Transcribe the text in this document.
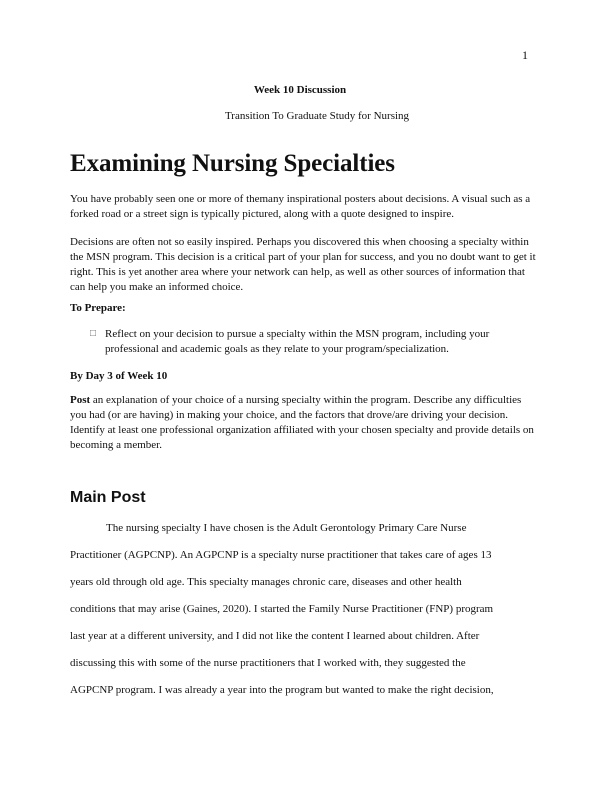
1
Week 10 Discussion
Transition To Graduate Study for Nursing
Examining Nursing Specialties

You have probably seen one or more of themany inspirational posters about decisions. A visual such as a forked road or a street sign is typically pictured, along with a quote designed to inspire.

Decisions are often not so easily inspired. Perhaps you discovered this when choosing a specialty within the MSN program. This decision is a critical part of your plan for success, and you no doubt want to get it right. This is yet another area where your network can help, as well as other sources of information that can help you make an informed choice.

To Prepare:

□ Reflect on your decision to pursue a specialty within the MSN program, including your professional and academic goals as they relate to your program/specialization.

By Day 3 of Week 10

Post an explanation of your choice of a nursing specialty within the program. Describe any difficulties you had (or are having) in making your choice, and the factors that drove/are driving your decision. Identify at least one professional organization affiliated with your chosen specialty and provide details on becoming a member.

Main Post
The nursing specialty I have chosen is the Adult Gerontology Primary Care Nurse
Practitioner (AGPCNP). An AGPCNP is a specialty nurse practitioner that takes care of ages 13
years old through old age. This specialty manages chronic care, diseases and other health
conditions that may arise (Gaines, 2020). I started the Family Nurse Practitioner (FNP) program
last year at a different university, and I did not like the content I learned about children. After
discussing this with some of the nurse practitioners that I worked with, they suggested the
AGPCNP program. I was already a year into the program but wanted to make the right decision,
